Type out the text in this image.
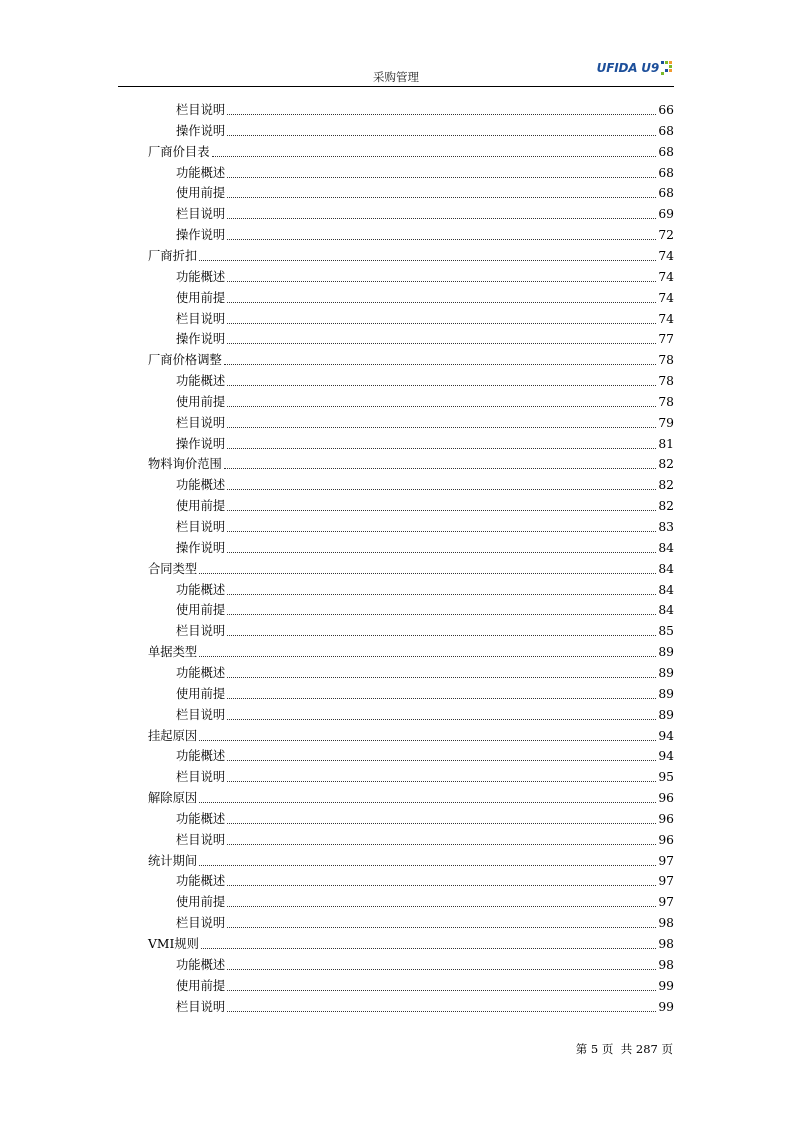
采购管理
UFIDA U9
栏目说明	66
操作说明	68
厂商价目表	68
功能概述	68
使用前提	68
栏目说明	69
操作说明	72
厂商折扣	74
功能概述	74
使用前提	74
栏目说明	74
操作说明	77
厂商价格调整	78
功能概述	78
使用前提	78
栏目说明	79
操作说明	81
物料询价范围	82
功能概述	82
使用前提	82
栏目说明	83
操作说明	84
合同类型	84
功能概述	84
使用前提	84
栏目说明	85
单据类型	89
功能概述	89
使用前提	89
栏目说明	89
挂起原因	94
功能概述	94
栏目说明	95
解除原因	96
功能概述	96
栏目说明	96
统计期间	97
功能概述	97
使用前提	97
栏目说明	98
VMI规则	98
功能概述	98
使用前提	99
栏目说明	99
第 5 页 共 287 页
